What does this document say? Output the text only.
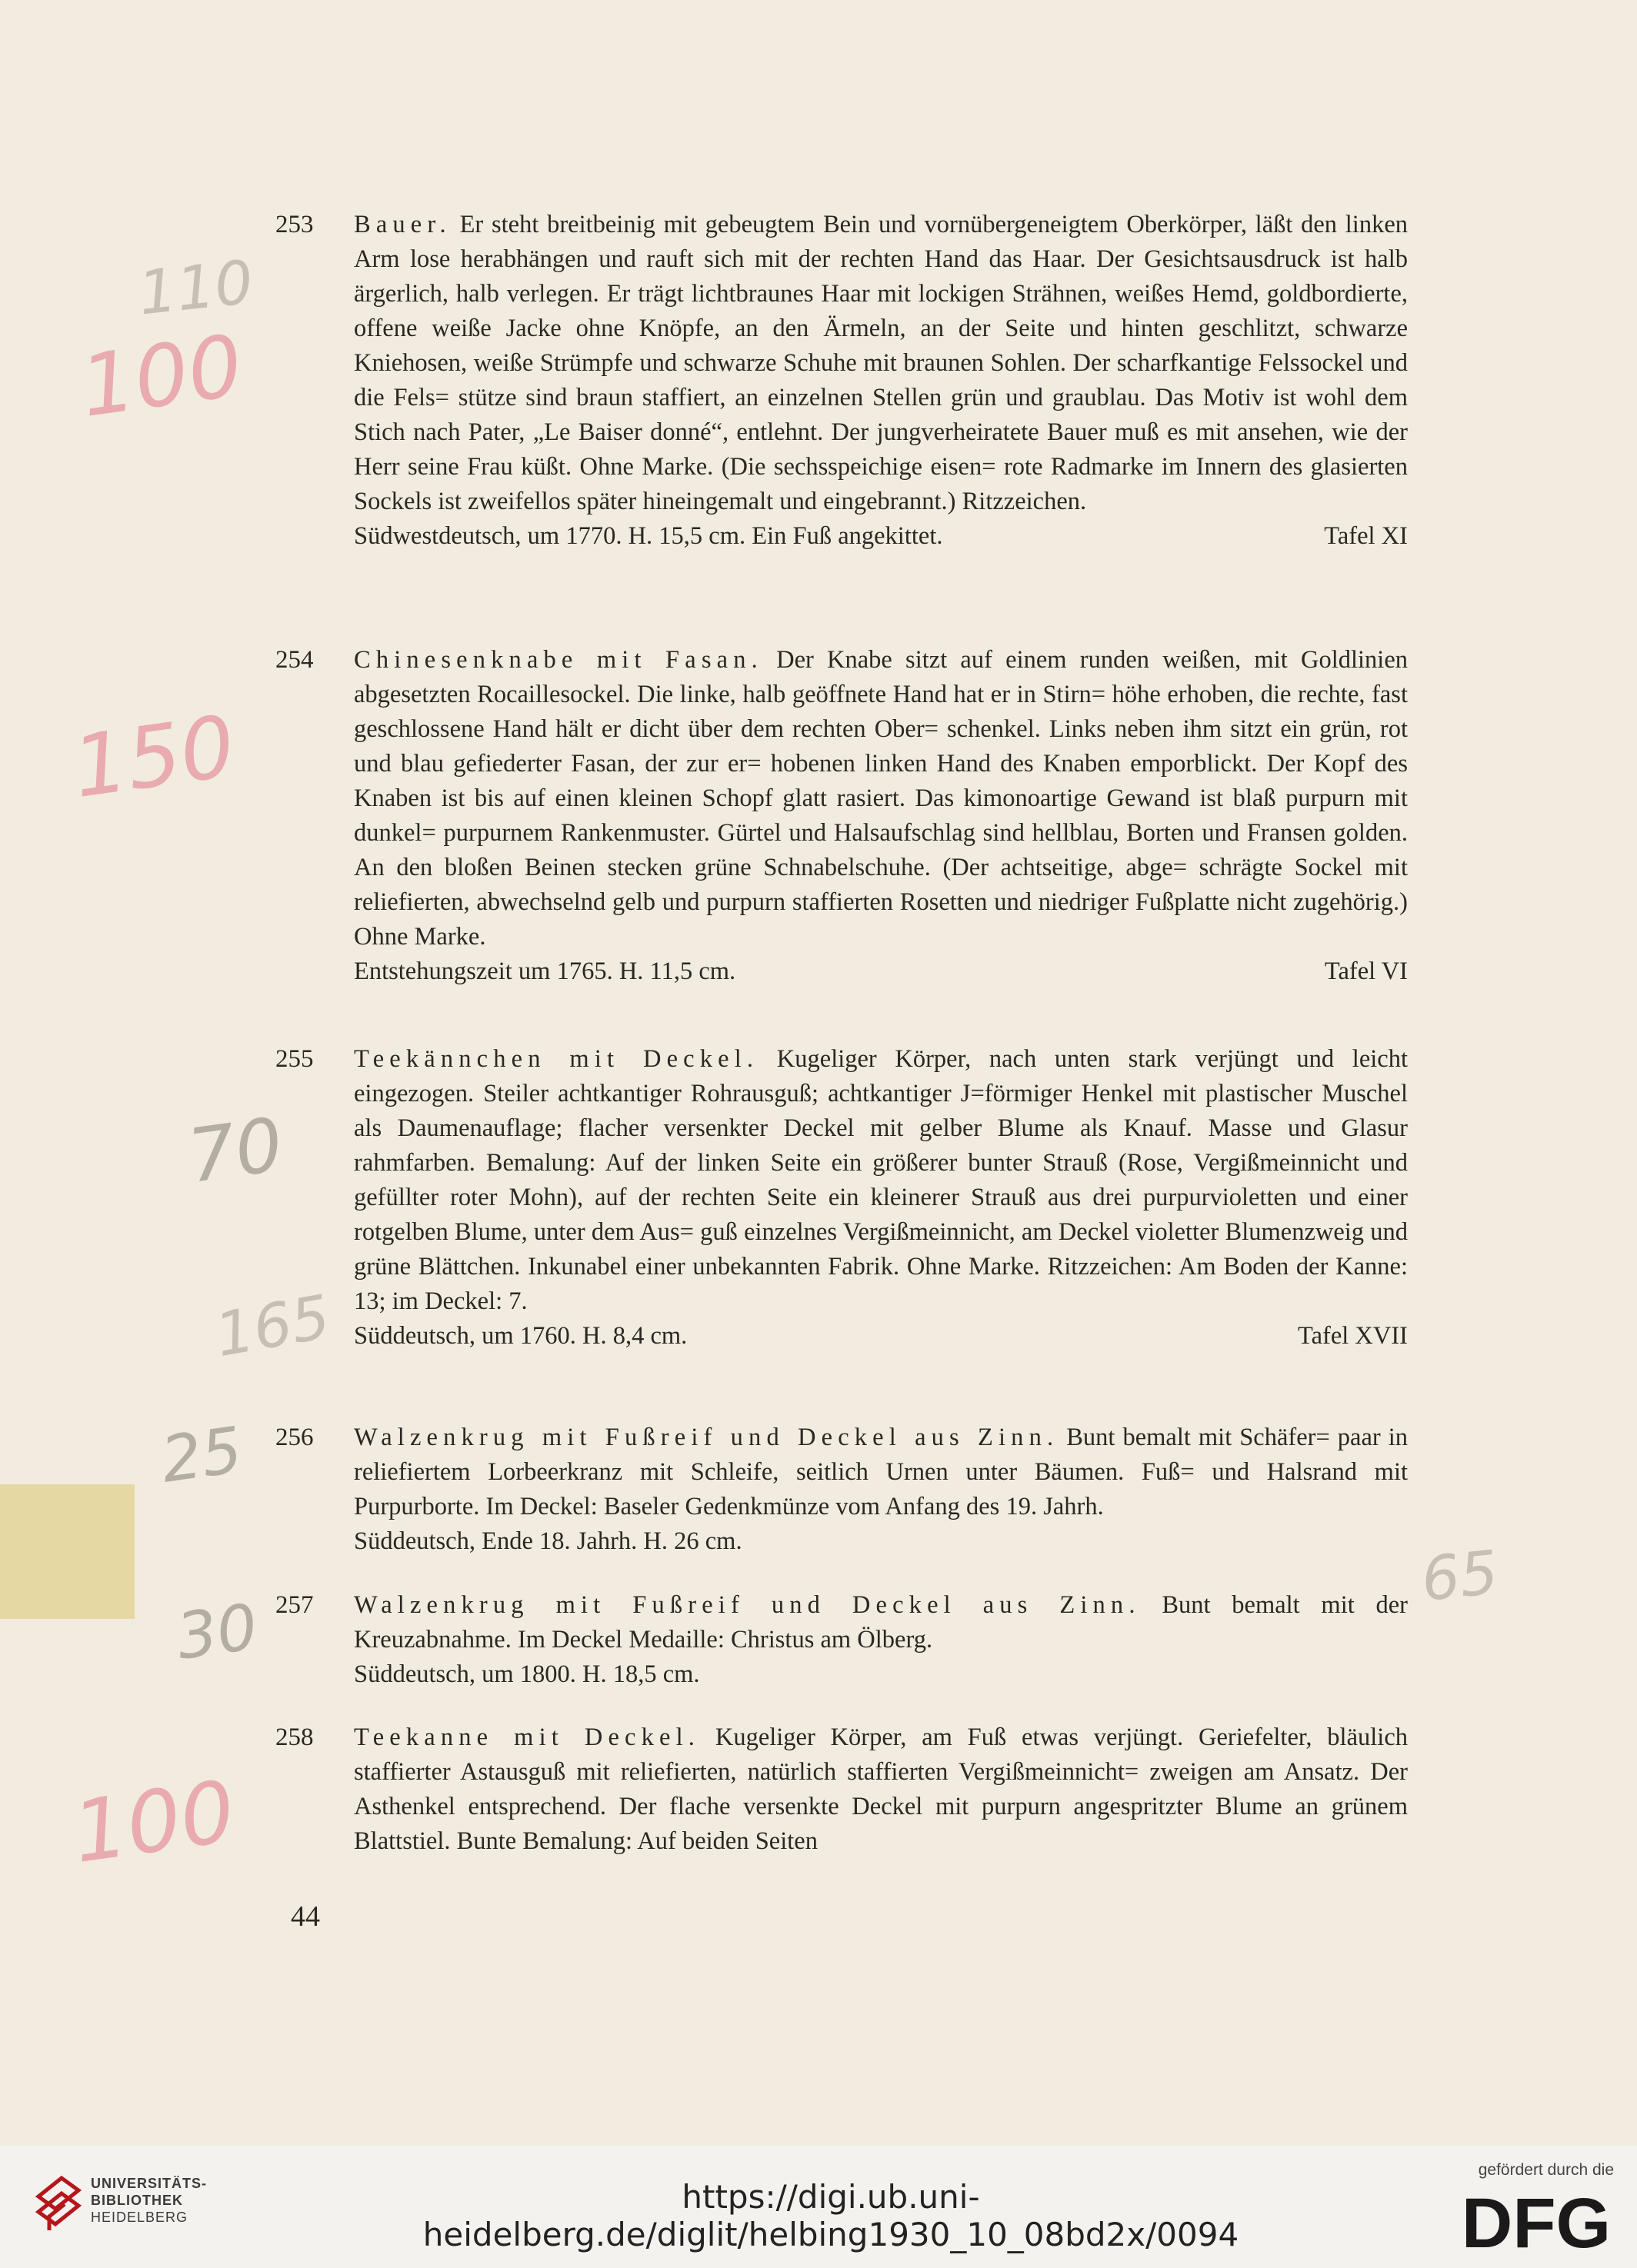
253	Bauer. Er steht breitbeinig mit gebeugtem Bein und vornübergeneigtem Oberkörper, läßt den linken Arm lose herabhängen und rauft sich mit der rechten Hand das Haar. Der Gesichtsausdruck ist halb ärgerlich, halb verlegen. Er trägt lichtbraunes Haar mit lockigen Strähnen, weißes Hemd, goldbordierte, offene weiße Jacke ohne Knöpfe, an den Ärmeln, an der Seite und hinten geschlitzt, schwarze Kniehosen, weiße Strümpfe und schwarze Schuhe mit braunen Sohlen. Der scharfkantige Felssockel und die Fels= stütze sind braun staffiert, an einzelnen Stellen grün und graublau. Das Motiv ist wohl dem Stich nach Pater, „Le Baiser donné“, entlehnt. Der jungverheiratete Bauer muß es mit ansehen, wie der Herr seine Frau küßt. Ohne Marke. (Die sechsspeichige eisen= rote Radmarke im Innern des glasierten Sockels ist zweifellos später hineingemalt und eingebrannt.) Ritzzeichen.
Südwestdeutsch, um 1770. H. 15,5 cm. Ein Fuß angekittet.	Tafel XI
254	Chinesenknabe mit Fasan. Der Knabe sitzt auf einem runden weißen, mit Goldlinien abgesetzten Rocaillesockel. Die linke, halb geöffnete Hand hat er in Stirn= höhe erhoben, die rechte, fast geschlossene Hand hält er dicht über dem rechten Ober= schenkel. Links neben ihm sitzt ein grün, rot und blau gefiederter Fasan, der zur er= hobenen linken Hand des Knaben emporblickt. Der Kopf des Knaben ist bis auf einen kleinen Schopf glatt rasiert. Das kimonoartige Gewand ist blaß purpurn mit dunkel= purpurnem Rankenmuster. Gürtel und Halsaufschlag sind hellblau, Borten und Fransen golden. An den bloßen Beinen stecken grüne Schnabelschuhe. (Der achtseitige, abge= schrägte Sockel mit reliefierten, abwechselnd gelb und purpurn staffierten Rosetten und niedriger Fußplatte nicht zugehörig.) Ohne Marke.
Entstehungszeit um 1765. H. 11,5 cm.	Tafel VI
255	Teekännchen mit Deckel. Kugeliger Körper, nach unten stark verjüngt und leicht eingezogen. Steiler achtkantiger Rohrausguß; achtkantiger J=förmiger Henkel mit plastischer Muschel als Daumenauflage; flacher versenkter Deckel mit gelber Blume als Knauf. Masse und Glasur rahmfarben. Bemalung: Auf der linken Seite ein größerer bunter Strauß (Rose, Vergißmeinnicht und gefüllter roter Mohn), auf der rechten Seite ein kleinerer Strauß aus drei purpurvioletten und einer rotgelben Blume, unter dem Aus= guß einzelnes Vergißmeinnicht, am Deckel violetter Blumenzweig und grüne Blättchen. Inkunabel einer unbekannten Fabrik. Ohne Marke. Ritzzeichen: Am Boden der Kanne: 13; im Deckel: 7.
Süddeutsch, um 1760. H. 8,4 cm.	Tafel XVII
256	Walzenkrug mit Fußreif und Deckel aus Zinn. Bunt bemalt mit Schäfer= paar in reliefiertem Lorbeerkranz mit Schleife, seitlich Urnen unter Bäumen. Fuß= und Halsrand mit Purpurborte. Im Deckel: Baseler Gedenkmünze vom Anfang des 19. Jahrh.
Süddeutsch, Ende 18. Jahrh. H. 26 cm.
257	Walzenkrug mit Fußreif und Deckel aus Zinn. Bunt bemalt mit der Kreuzabnahme. Im Deckel Medaille: Christus am Ölberg.
Süddeutsch, um 1800. H. 18,5 cm.
258	Teekanne mit Deckel. Kugeliger Körper, am Fuß etwas verjüngt. Geriefelter, bläulich staffierter Astausguß mit reliefierten, natürlich staffierten Vergißmeinnicht= zweigen am Ansatz. Der Asthenkel entsprechend. Der flache versenkte Deckel mit purpurn angespritzter Blume an grünem Blattstiel. Bunte Bemalung: Auf beiden Seiten
100
150
70
25
30
100
110
165
65
44
UNIVERSITÄTS-
BIBLIOTHEK
HEIDELBERG
https://digi.ub.uni-heidelberg.de/diglit/helbing1930_10_08bd2x/0094
gefördert durch die
DFG
